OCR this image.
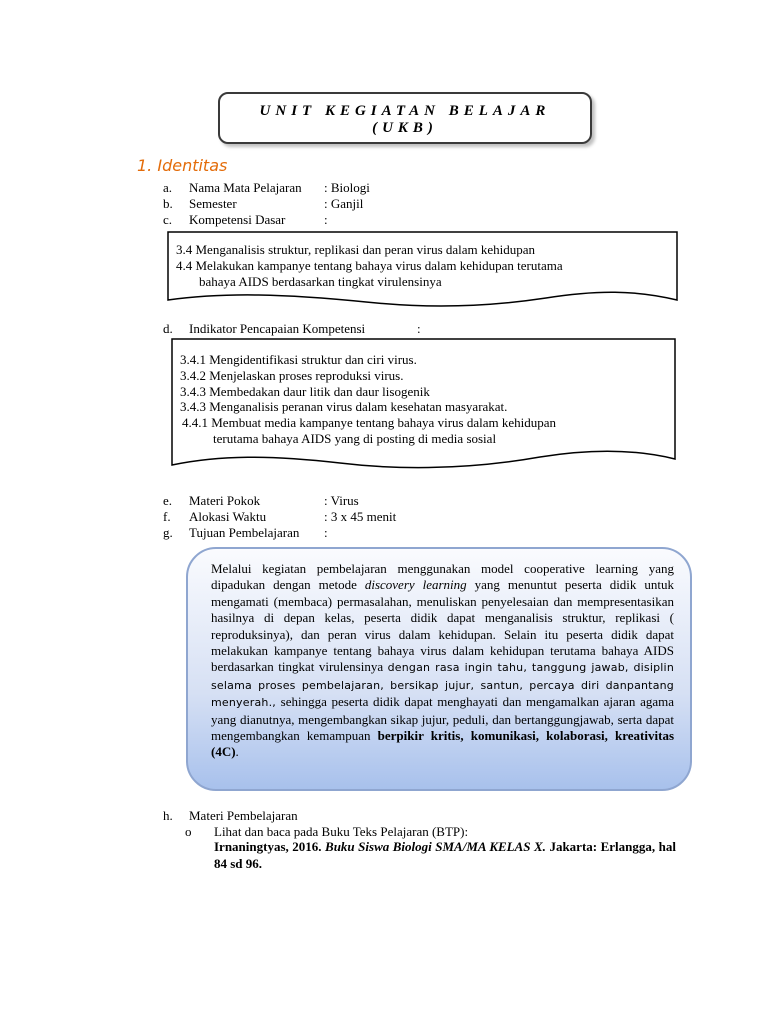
UNIT KEGIATAN BELAJAR
(UKB)
1. Identitas
a. Nama Mata Pelajaran : Biologi
b. Semester	: Ganjil
c. Kompetensi Dasar	:
3.4 Menganalisis struktur, replikasi dan peran virus dalam kehidupan
4.4 Melakukan kampanye tentang bahaya virus dalam kehidupan terutama
bahaya AIDS berdasarkan tingkat virulensinya
d. Indikator Pencapaian Kompetensi	:
3.4.1 Mengidentifikasi struktur dan ciri virus.
3.4.2 Menjelaskan proses reproduksi virus.
3.4.3 Membedakan daur litik dan daur lisogenik
3.4.3 Menganalisis peranan virus dalam kesehatan masyarakat.
4.4.1 Membuat media kampanye tentang bahaya virus dalam kehidupan
terutama bahaya AIDS yang di posting di media sosial
e. Materi Pokok	: Virus
f. Alokasi Waktu	: 3 x 45 menit
g. Tujuan Pembelajaran :
Melalui kegiatan pembelajaran menggunakan model cooperative learning yang dipadukan dengan metode discovery learning yang menuntut peserta didik untuk mengamati (membaca) permasalahan, menuliskan penyelesaian dan mempresentasikan hasilnya di depan kelas, peserta didik dapat menganalisis struktur, replikasi ( reproduksinya), dan peran virus dalam kehidupan. Selain itu peserta didik dapat melakukan kampanye tentang bahaya virus dalam kehidupan terutama bahaya AIDS berdasarkan tingkat virulensinya dengan rasa ingin tahu, tanggung jawab, disiplin selama proses pembelajaran, bersikap jujur, santun, percaya diri danpantang menyerah., sehingga peserta didik dapat menghayati dan mengamalkan ajaran agama yang dianutnya, mengembangkan sikap jujur, peduli, dan bertanggungjawab, serta dapat mengembangkan kemampuan berpikir kritis, komunikasi, kolaborasi, kreativitas (4C).
h. Materi Pembelajaran
o Lihat dan baca pada Buku Teks Pelajaran (BTP):
Irnaningtyas, 2016. Buku Siswa Biologi SMA/MA KELAS X. Jakarta: Erlangga, hal 84 sd 96.
